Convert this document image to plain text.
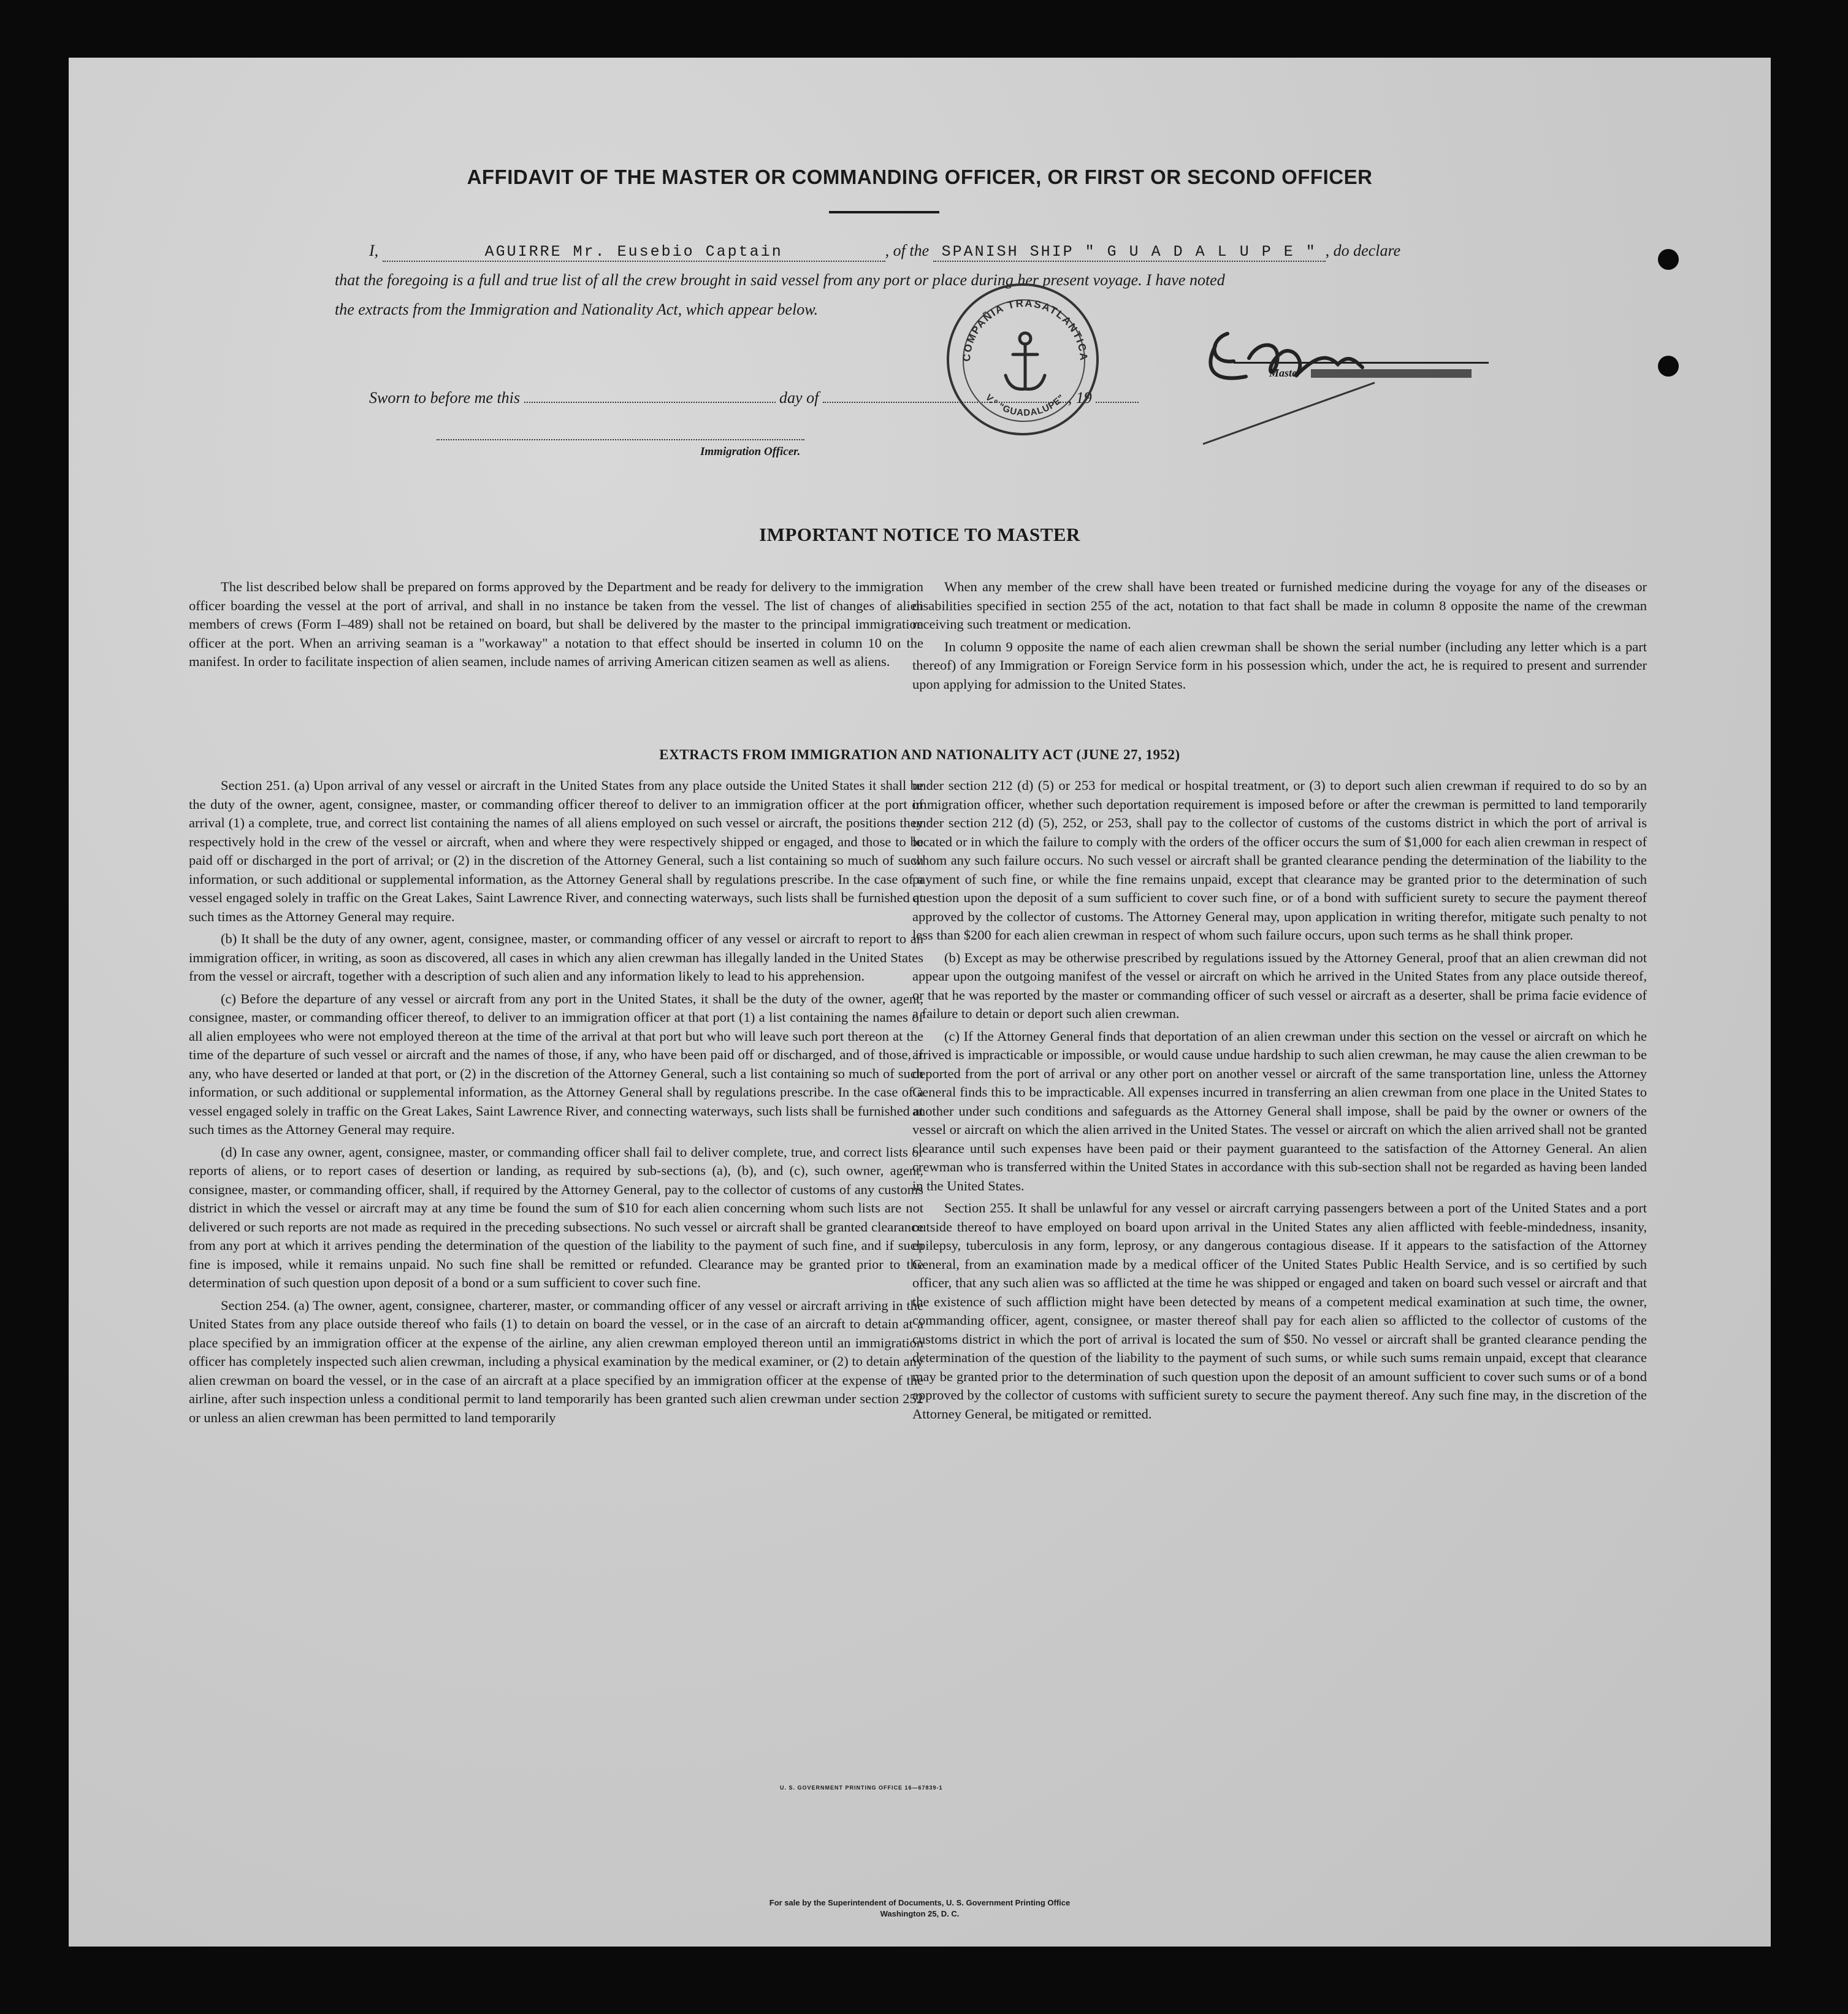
AFFIDAVIT OF THE MASTER OR COMMANDING OFFICER, OR FIRST OR SECOND OFFICER
I,	AGUIRRE Mr. Eusebio Captain	, of the SPANISH SHIP " G U A D A L U P E " , do declare
that the foregoing is a full and true list of all the crew brought in said vessel from any port or place during her present voyage. I have noted
the extracts from the Immigration and Nationality Act, which appear below.
Master
Sworn to before me this	day of	, 19
Immigration Officer.
COMPAÑIA TRASATLANTICA
V.º "GUADALUPE"
IMPORTANT NOTICE TO MASTER

The list described below shall be prepared on forms approved by the Department and be ready for delivery to the immigration officer boarding the vessel at the port of arrival, and shall in no instance be taken from the vessel. The list of changes of alien members of crews (Form I–489) shall not be retained on board, but shall be delivered by the master to the principal immigration officer at the port. When an arriving seaman is a "workaway" a notation to that effect should be inserted in column 10 on the manifest. In order to facilitate inspection of alien seamen, include names of arriving American citizen seamen as well as aliens.

When any member of the crew shall have been treated or furnished medicine during the voyage for any of the diseases or disabilities specified in section 255 of the act, notation to that fact shall be made in column 8 opposite the name of the crewman receiving such treatment or medication.

In column 9 opposite the name of each alien crewman shall be shown the serial number (including any letter which is a part thereof) of any Immigration or Foreign Service form in his possession which, under the act, he is required to present and surrender upon applying for admission to the United States.

EXTRACTS FROM IMMIGRATION AND NATIONALITY ACT (JUNE 27, 1952)

Section 251. (a) Upon arrival of any vessel or aircraft in the United States from any place outside the United States it shall be the duty of the owner, agent, consignee, master, or commanding officer thereof to deliver to an immigration officer at the port of arrival (1) a complete, true, and correct list containing the names of all aliens employed on such vessel or aircraft, the positions they respectively hold in the crew of the vessel or aircraft, when and where they were respectively shipped or engaged, and those to be paid off or discharged in the port of arrival; or (2) in the discretion of the Attorney General, such a list containing so much of such information, or such additional or supplemental information, as the Attorney General shall by regulations prescribe. In the case of a vessel engaged solely in traffic on the Great Lakes, Saint Lawrence River, and connecting waterways, such lists shall be furnished at such times as the Attorney General may require.

(b) It shall be the duty of any owner, agent, consignee, master, or commanding officer of any vessel or aircraft to report to an immigration officer, in writing, as soon as discovered, all cases in which any alien crewman has illegally landed in the United States from the vessel or aircraft, together with a description of such alien and any information likely to lead to his apprehension.

(c) Before the departure of any vessel or aircraft from any port in the United States, it shall be the duty of the owner, agent, consignee, master, or commanding officer thereof, to deliver to an immigration officer at that port (1) a list containing the names of all alien employees who were not employed thereon at the time of the arrival at that port but who will leave such port thereon at the time of the departure of such vessel or aircraft and the names of those, if any, who have been paid off or discharged, and of those, if any, who have deserted or landed at that port, or (2) in the discretion of the Attorney General, such a list containing so much of such information, or such additional or supplemental information, as the Attorney General shall by regulations prescribe. In the case of a vessel engaged solely in traffic on the Great Lakes, Saint Lawrence River, and connecting waterways, such lists shall be furnished at such times as the Attorney General may require.

(d) In case any owner, agent, consignee, master, or commanding officer shall fail to deliver complete, true, and correct lists or reports of aliens, or to report cases of desertion or landing, as required by sub-sections (a), (b), and (c), such owner, agent, consignee, master, or commanding officer, shall, if required by the Attorney General, pay to the collector of customs of any customs district in which the vessel or aircraft may at any time be found the sum of $10 for each alien concerning whom such lists are not delivered or such reports are not made as required in the preceding subsections. No such vessel or aircraft shall be granted clearance from any port at which it arrives pending the determination of the question of the liability to the payment of such fine, and if such fine is imposed, while it remains unpaid. No such fine shall be remitted or refunded. Clearance may be granted prior to the determination of such question upon deposit of a bond or a sum sufficient to cover such fine.

Section 254. (a) The owner, agent, consignee, charterer, master, or commanding officer of any vessel or aircraft arriving in the United States from any place outside thereof who fails (1) to detain on board the vessel, or in the case of an aircraft to detain at a place specified by an immigration officer at the expense of the airline, any alien crewman employed thereon until an immigration officer has completely inspected such alien crewman, including a physical examination by the medical examiner, or (2) to detain any alien crewman on board the vessel, or in the case of an aircraft at a place specified by an immigration officer at the expense of the airline, after such inspection unless a conditional permit to land temporarily has been granted such alien crewman under section 252 or unless an alien crewman has been permitted to land temporarily

under section 212 (d) (5) or 253 for medical or hospital treatment, or (3) to deport such alien crewman if required to do so by an immigration officer, whether such deportation requirement is imposed before or after the crewman is permitted to land temporarily under section 212 (d) (5), 252, or 253, shall pay to the collector of customs of the customs district in which the port of arrival is located or in which the failure to comply with the orders of the officer occurs the sum of $1,000 for each alien crewman in respect of whom any such failure occurs. No such vessel or aircraft shall be granted clearance pending the determination of the liability to the payment of such fine, or while the fine remains unpaid, except that clearance may be granted prior to the determination of such question upon the deposit of a sum sufficient to cover such fine, or of a bond with sufficient surety to secure the payment thereof approved by the collector of customs. The Attorney General may, upon application in writing therefor, mitigate such penalty to not less than $200 for each alien crewman in respect of whom such failure occurs, upon such terms as he shall think proper.

(b) Except as may be otherwise prescribed by regulations issued by the Attorney General, proof that an alien crewman did not appear upon the outgoing manifest of the vessel or aircraft on which he arrived in the United States from any place outside thereof, or that he was reported by the master or commanding officer of such vessel or aircraft as a deserter, shall be prima facie evidence of a failure to detain or deport such alien crewman.

(c) If the Attorney General finds that deportation of an alien crewman under this section on the vessel or aircraft on which he arrived is impracticable or impossible, or would cause undue hardship to such alien crewman, he may cause the alien crewman to be deported from the port of arrival or any other port on another vessel or aircraft of the same transportation line, unless the Attorney General finds this to be impracticable. All expenses incurred in transferring an alien crewman from one place in the United States to another under such conditions and safeguards as the Attorney General shall impose, shall be paid by the owner or owners of the vessel or aircraft on which the alien arrived in the United States. The vessel or aircraft on which the alien arrived shall not be granted clearance until such expenses have been paid or their payment guaranteed to the satisfaction of the Attorney General. An alien crewman who is transferred within the United States in accordance with this sub-section shall not be regarded as having been landed in the United States.

Section 255. It shall be unlawful for any vessel or aircraft carrying passengers between a port of the United States and a port outside thereof to have employed on board upon arrival in the United States any alien afflicted with feeble-mindedness, insanity, epilepsy, tuberculosis in any form, leprosy, or any dangerous contagious disease. If it appears to the satisfaction of the Attorney General, from an examination made by a medical officer of the United States Public Health Service, and is so certified by such officer, that any such alien was so afflicted at the time he was shipped or engaged and taken on board such vessel or aircraft and that the existence of such affliction might have been detected by means of a competent medical examination at such time, the owner, commanding officer, agent, consignee, or master thereof shall pay for each alien so afflicted to the collector of customs of the customs district in which the port of arrival is located the sum of $50. No vessel or aircraft shall be granted clearance pending the determination of the question of the liability to the payment of such sums, or while such sums remain unpaid, except that clearance may be granted prior to the determination of such question upon the deposit of an amount sufficient to cover such sums or of a bond approved by the collector of customs with sufficient surety to secure the payment thereof. Any such fine may, in the discretion of the Attorney General, be mitigated or remitted.

U. S. GOVERNMENT PRINTING OFFICE 16—67839-1
For sale by the Superintendent of Documents, U. S. Government Printing Office
Washington 25, D. C.
